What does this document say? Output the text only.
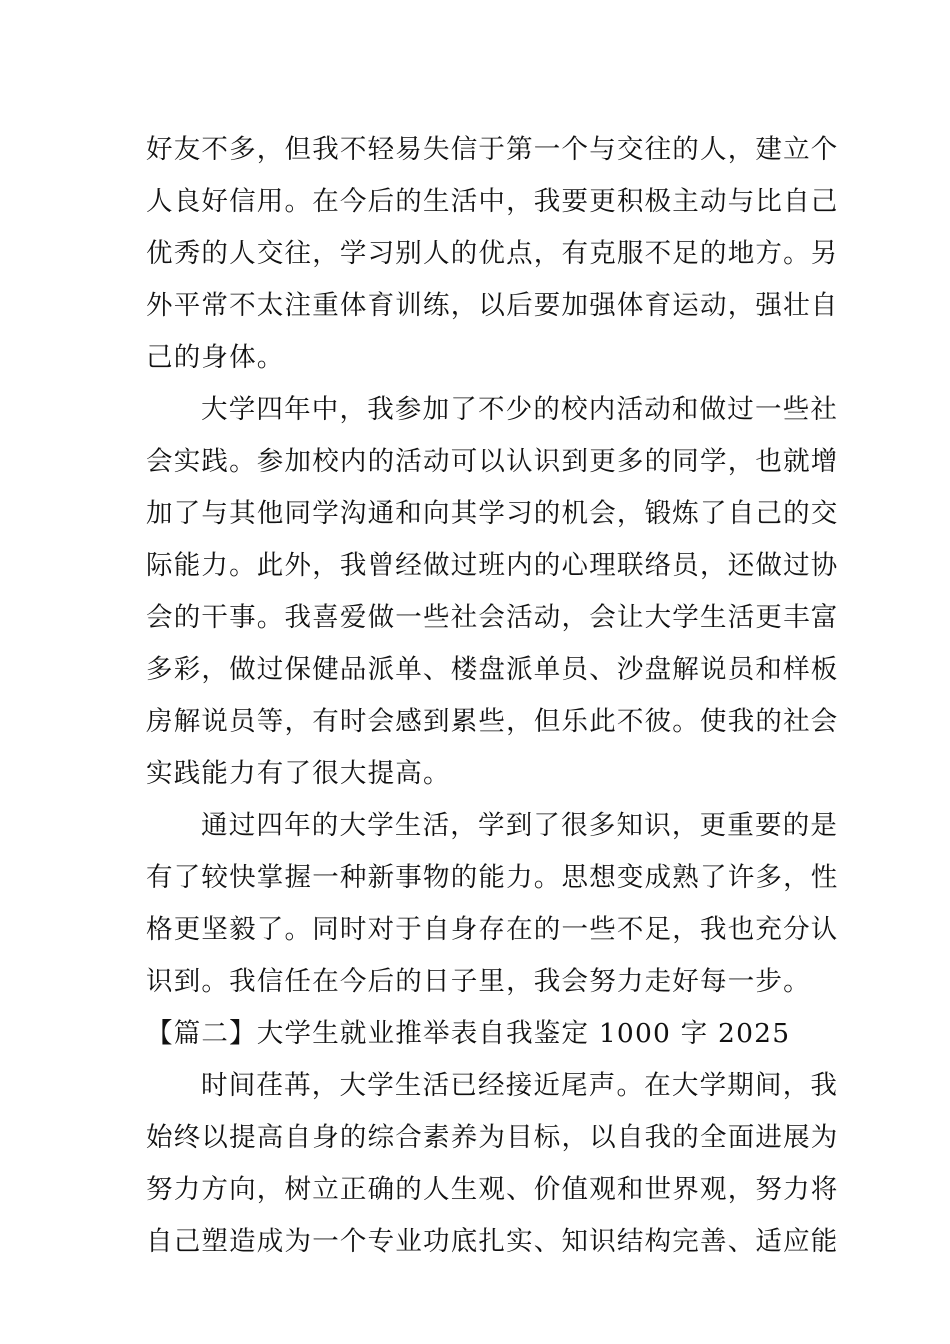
好友不多，但我不轻易失信于第一个与交往的人，建立个
人良好信用。在今后的生活中，我要更积极主动与比自己
优秀的人交往，学习别人的优点，有克服不足的地方。另
外平常不太注重体育训练，以后要加强体育运动，强壮自
己的身体。
大学四年中，我参加了不少的校内活动和做过一些社
会实践。参加校内的活动可以认识到更多的同学，也就增
加了与其他同学沟通和向其学习的机会，锻炼了自己的交
际能力。此外，我曾经做过班内的心理联络员，还做过协
会的干事。我喜爱做一些社会活动，会让大学生活更丰富
多彩，做过保健品派单、楼盘派单员、沙盘解说员和样板
房解说员等，有时会感到累些，但乐此不彼。使我的社会
实践能力有了很大提高。
通过四年的大学生活，学到了很多知识，更重要的是
有了较快掌握一种新事物的能力。思想变成熟了许多，性
格更坚毅了。同时对于自身存在的一些不足，我也充分认
识到。我信任在今后的日子里，我会努力走好每一步。
【篇二】大学生就业推举表自我鉴定 1000 字 2025
时间荏苒，大学生活已经接近尾声。在大学期间，我
始终以提高自身的综合素养为目标，以自我的全面进展为
努力方向，树立正确的人生观、价值观和世界观，努力将
自己塑造成为一个专业功底扎实、知识结构完善、适应能
